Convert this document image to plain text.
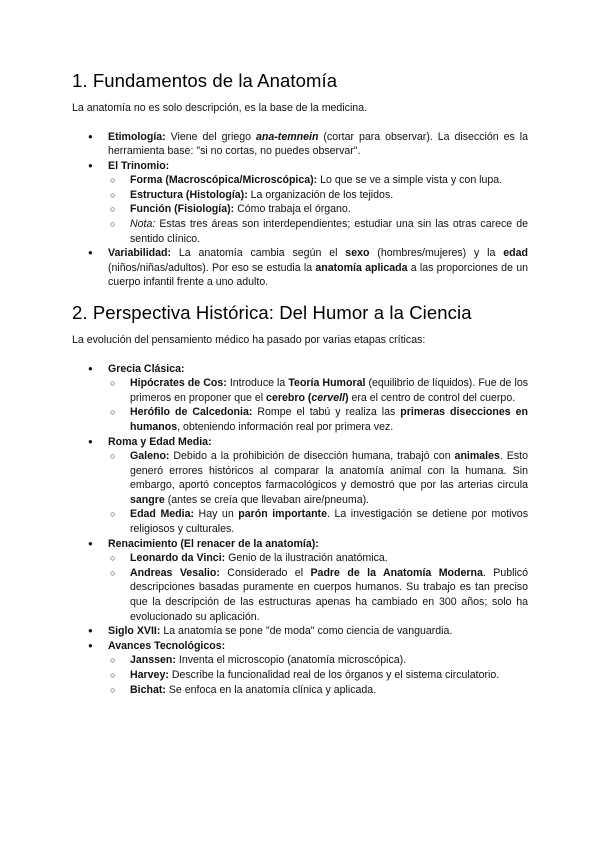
1. Fundamentos de la Anatomía

La anatomía no es solo descripción, es la base de la medicina.

● Etimología: Viene del griego ana-temnein (cortar para observar). La disección es la herramienta base: "si no cortas, no puedes observar".
● El Trinomio:
○ Forma (Macroscópica/Microscópica): Lo que se ve a simple vista y con lupa.
○ Estructura (Histología): La organización de los tejidos.
○ Función (Fisiología): Cómo trabaja el órgano.
○ Nota: Estas tres áreas son interdependientes; estudiar una sin las otras carece de sentido clínico.
● Variabilidad: La anatomía cambia según el sexo (hombres/mujeres) y la edad (niños/niñas/adultos). Por eso se estudia la anatomía aplicada a las proporciones de un cuerpo infantil frente a uno adulto.
2. Perspectiva Histórica: Del Humor a la Ciencia

La evolución del pensamiento médico ha pasado por varias etapas críticas:

● Grecia Clásica:
○ Hipócrates de Cos: Introduce la Teoría Humoral (equilibrio de líquidos). Fue de los primeros en proponer que el cerebro (cervell) era el centro de control del cuerpo.
○ Herófilo de Calcedonia: Rompe el tabú y realiza las primeras disecciones en humanos, obteniendo información real por primera vez.
● Roma y Edad Media:
○ Galeno: Debido a la prohibición de disección humana, trabajó con animales. Esto generó errores históricos al comparar la anatomía animal con la humana. Sin embargo, aportó conceptos farmacológicos y demostró que por las arterias circula sangre (antes se creía que llevaban aire/pneuma).
○ Edad Media: Hay un parón importante. La investigación se detiene por motivos religiosos y culturales.
● Renacimiento (El renacer de la anatomía):
○ Leonardo da Vinci: Genio de la ilustración anatómica.
○ Andreas Vesalio: Considerado el Padre de la Anatomía Moderna. Publicó descripciones basadas puramente en cuerpos humanos. Su trabajo es tan preciso que la descripción de las estructuras apenas ha cambiado en 300 años; solo ha evolucionado su aplicación.
● Siglo XVII: La anatomía se pone "de moda" como ciencia de vanguardia.
● Avances Tecnológicos:
○ Janssen: Inventa el microscopio (anatomía microscópica).
○ Harvey: Describe la funcionalidad real de los órganos y el sistema circulatorio.
○ Bichat: Se enfoca en la anatomía clínica y aplicada.
